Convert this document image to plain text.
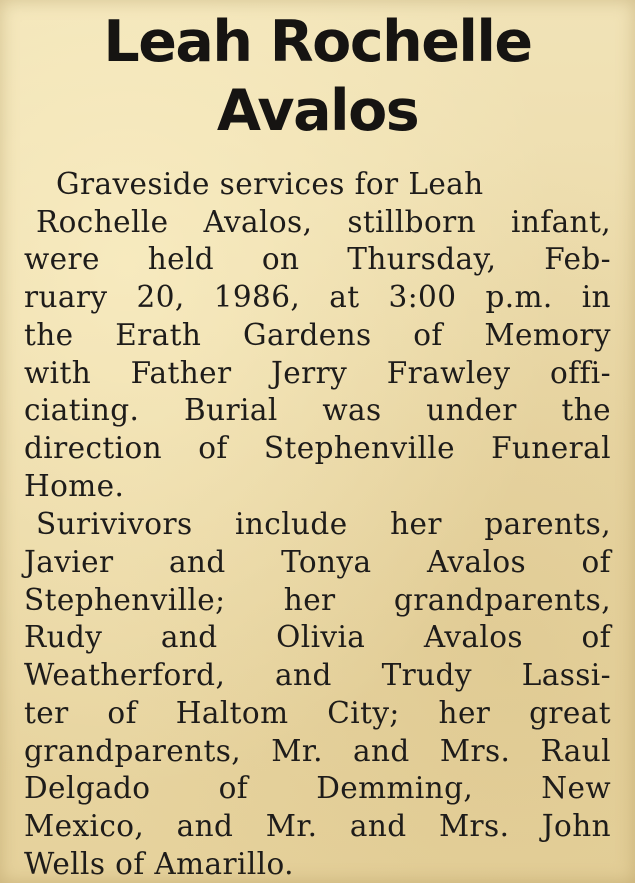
Leah Rochelle
Avalos
Graveside services for Leah
Rochelle Avalos, stillborn infant,
were held on Thursday, Feb-
ruary 20, 1986, at 3:00 p.m. in
the Erath Gardens of Memory
with Father Jerry Frawley offi-
ciating. Burial was under the
direction of Stephenville Funeral
Home.
Surivivors include her parents,
Javier and Tonya Avalos of
Stephenville; her grandparents,
Rudy and Olivia Avalos of
Weatherford, and Trudy Lassi-
ter of Haltom City; her great
grandparents, Mr. and Mrs. Raul
Delgado of Demming, New
Mexico, and Mr. and Mrs. John
Wells of Amarillo.
